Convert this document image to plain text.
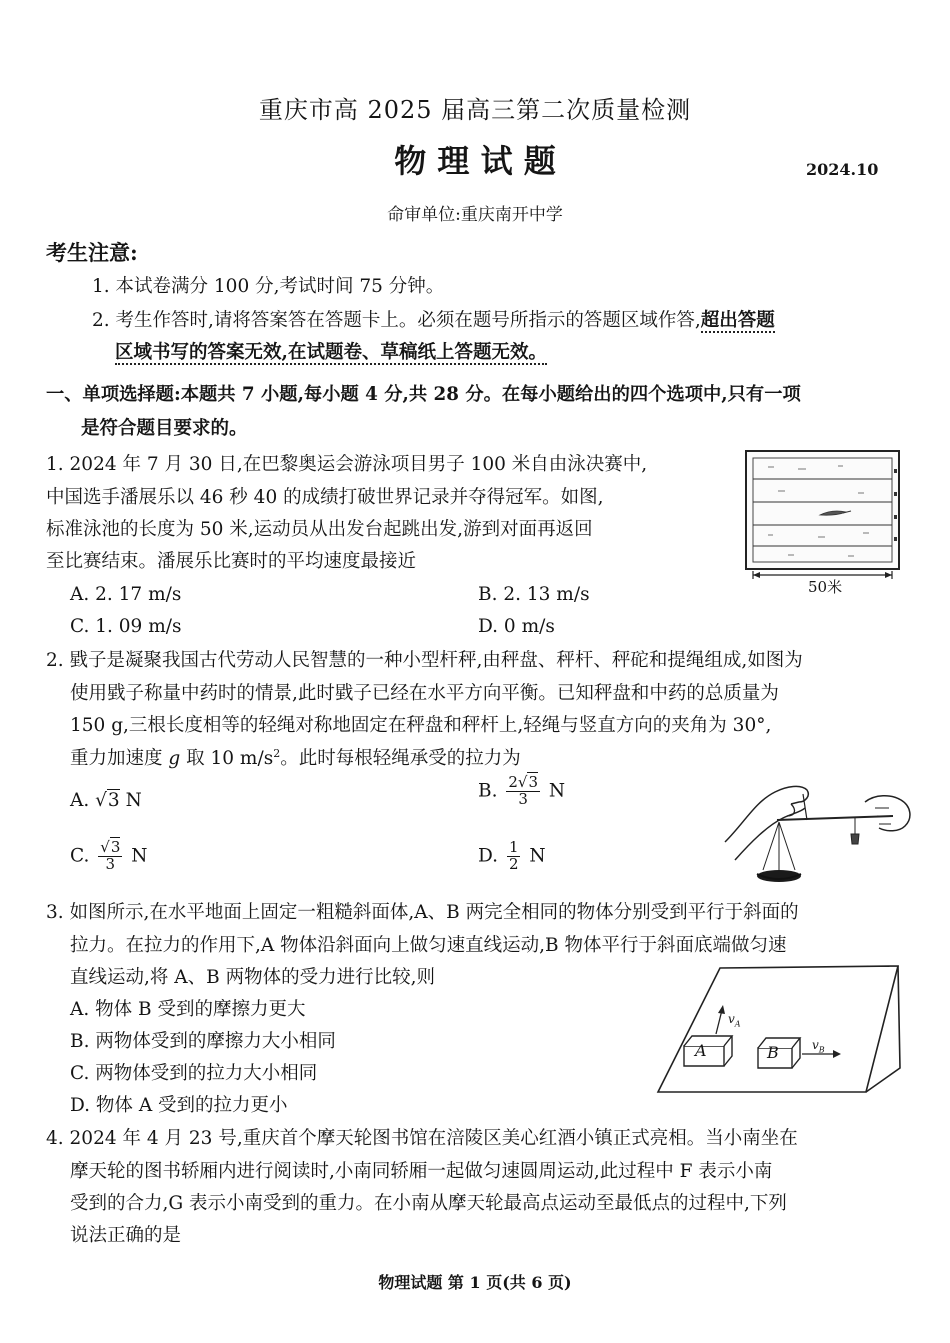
重庆市高 2025 届高三第二次质量检测
物 理 试 题	2024.10
命审单位:重庆南开中学
考生注意:
1. 本试卷满分 100 分,考试时间 75 分钟。
2. 考生作答时,请将答案答在答题卡上。必须在题号所指示的答题区域作答,超出答题
区域书写的答案无效,在试题卷、草稿纸上答题无效。
一、单项选择题:本题共 7 小题,每小题 4 分,共 28 分。在每小题给出的四个选项中,只有一项
是符合题目要求的。
1. 2024 年 7 月 30 日,在巴黎奥运会游泳项目男子 100 米自由泳决赛中,
中国选手潘展乐以 46 秒 40 的成绩打破世界记录并夺得冠军。如图,
标准泳池的长度为 50 米,运动员从出发台起跳出发,游到对面再返回
至比赛结束。潘展乐比赛时的平均速度最接近
A. 2. 17 m/s	B. 2. 13 m/s
C. 1. 09 m/s	D. 0 m/s
50米
2. 戥子是凝聚我国古代劳动人民智慧的一种小型杆秤,由秤盘、秤杆、秤砣和提绳组成,如图为
使用戥子称量中药时的情景,此时戥子已经在水平方向平衡。已知秤盘和中药的总质量为
150 g,三根长度相等的轻绳对称地固定在秤盘和秤杆上,轻绳与竖直方向的夹角为 30°,
重力加速度 g 取 10 $m/s^2$。此时每根轻绳承受的拉力为
A. √3 N	B. $\frac{2√3}{3}$ N
C. $\frac{√3}{3}$ N	D. $\frac{1}{2}$ N
3. 如图所示,在水平地面上固定一粗糙斜面体,A、B 两完全相同的物体分别受到平行于斜面的
拉力。在拉力的作用下,A 物体沿斜面向上做匀速直线运动,B 物体平行于斜面底端做匀速
直线运动,将 A、B 两物体的受力进行比较,则
A. 物体 B 受到的摩擦力更大
B. 两物体受到的摩擦力大小相同
C. 两物体受到的拉力大小相同
D. 物体 A 受到的拉力更小
A	B
$v_A$
$v_B$
4. 2024 年 4 月 23 号,重庆首个摩天轮图书馆在涪陵区美心红酒小镇正式亮相。当小南坐在
摩天轮的图书轿厢内进行阅读时,小南同轿厢一起做匀速圆周运动,此过程中 F 表示小南
受到的合力,G 表示小南受到的重力。在小南从摩天轮最高点运动至最低点的过程中,下列
说法正确的是
物理试题 第 1 页(共 6 页)
